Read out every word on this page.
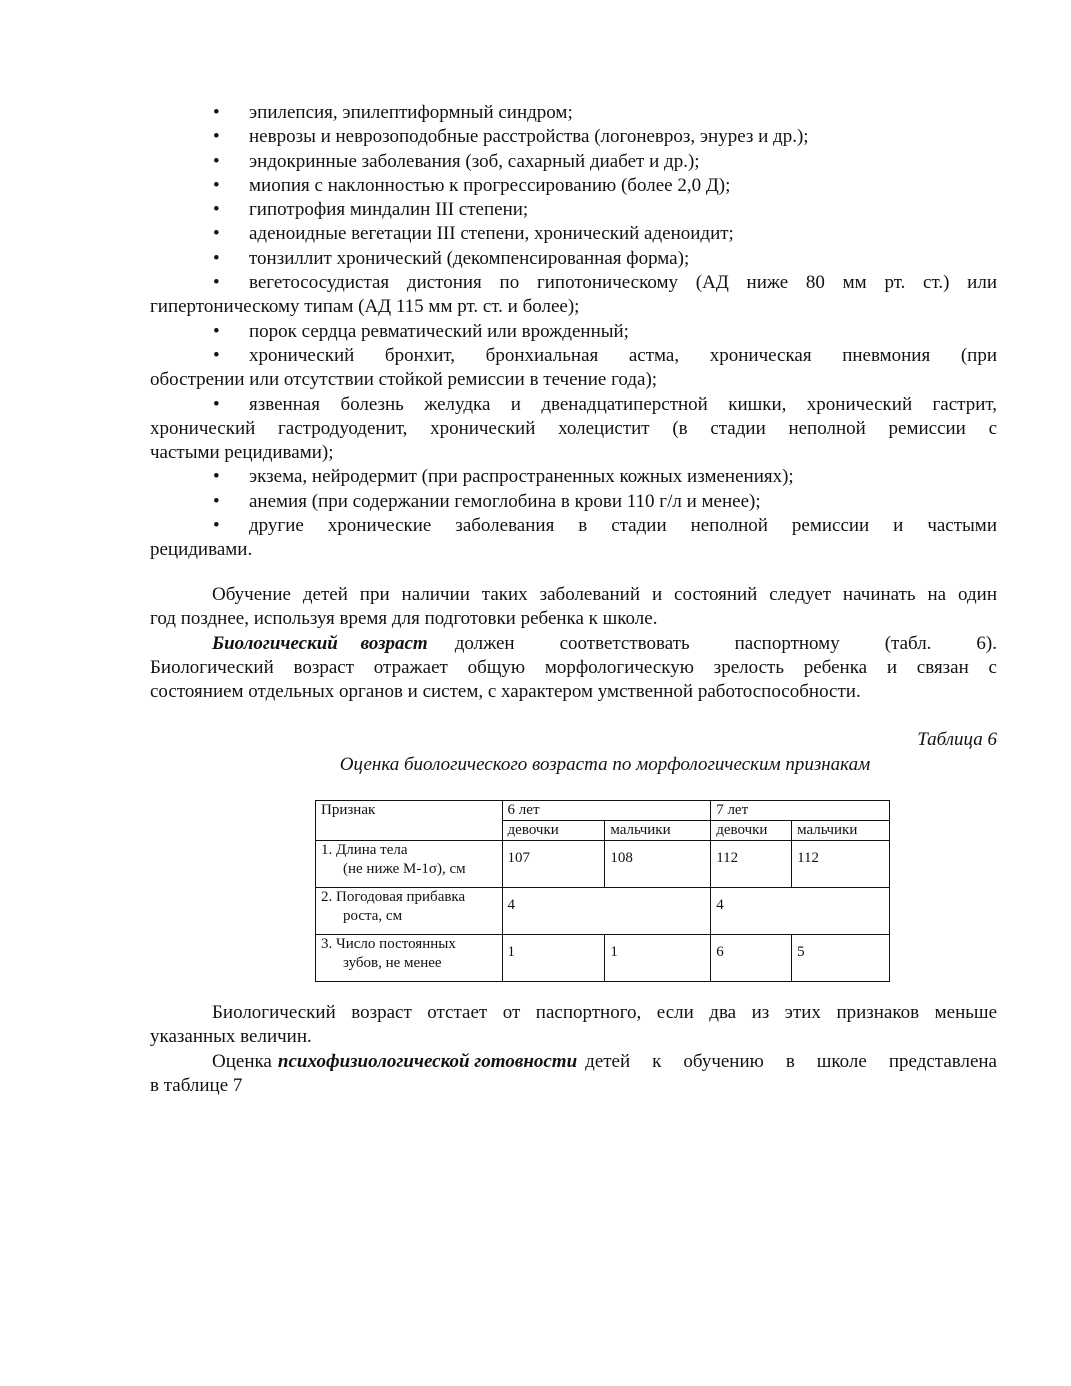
•	эпилепсия, эпилептиформный синдром;
•	неврозы и неврозоподобные расстройства (логоневроз, энурез и др.);
•	эндокринные заболевания (зоб, сахарный диабет и др.);
•	миопия с наклонностью к прогрессированию (более 2,0 Д);
•	гипотрофия миндалин III степени;
•	аденоидные вегетации III степени, хронический аденоидит;
•	тонзиллит хронический (декомпенсированная форма);
•	вегетососудистая дистония по гипотоническому (АД ниже 80 мм рт. ст.) или
гипертоническому типам (АД 115 мм рт. ст. и более);
•	порок сердца ревматический или врожденный;
•	хронический бронхит, бронхиальная астма, хроническая пневмония (при
обострении или отсутствии стойкой ремиссии в течение года);
•	язвенная болезнь желудка и двенадцатиперстной кишки, хронический гастрит,
хронический гастродуоденит, хронический холецистит (в стадии неполной ремиссии с
частыми рецидивами);
•	экзема, нейродермит (при распространенных кожных изменениях);
•	анемия (при содержании гемоглобина в крови 110 г/л и менее);
•	другие хронические заболевания в стадии неполной ремиссии и частыми
рецидивами.
Обучение детей при наличии таких заболеваний и состояний следует начинать на один
год позднее, используя время для подготовки ребенка к школе.
Биологический возраст должен соответствовать паспортному (табл. 6).
Биологический возраст отражает общую морфологическую зрелость ребенка и связан с
состоянием отдельных органов и систем, с характером умственной работоспособности.
Таблица 6
Оценка биологического возраста по морфологическим признакам
Признак	6 лет		7 лет	
	девочки	мальчики	девочки	мальчики

1. Длина тела
(не ниже М-1σ), см	107	108	112	112

2. Погодовая прибавка
роста, см	4		4	

3. Число постоянных
зубов, не менее	1	1	6	5
Биологический возраст отстает от паспортного, если два из этих признаков меньше
указанных величин.
Оценка психофизиологической готовности детей к обучению в школе представлена
в таблице 7
